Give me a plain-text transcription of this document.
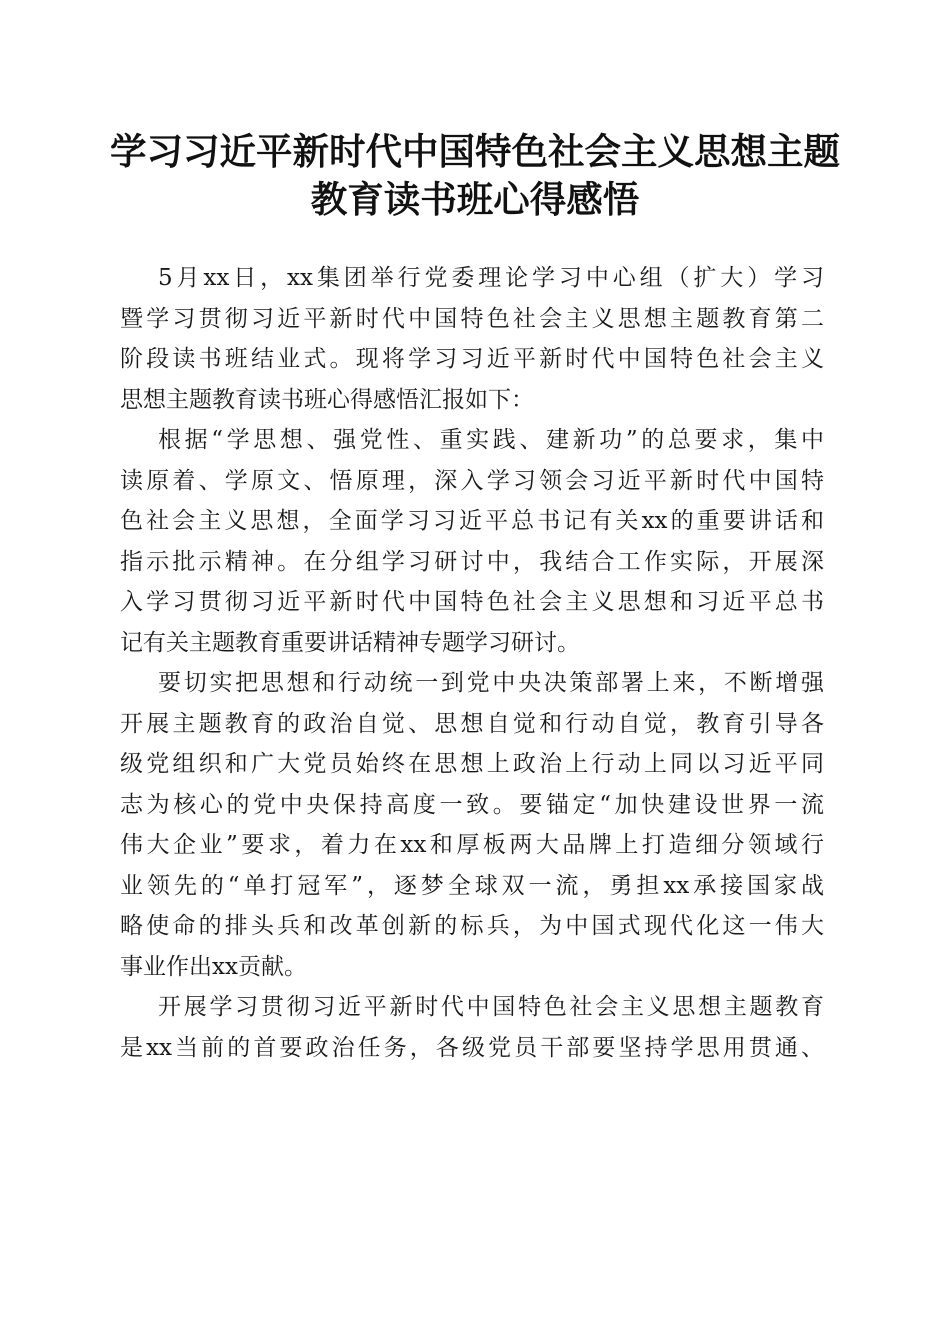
学习习近平新时代中国特色社会主义思想主题
教育读书班心得感悟
5月xx日，xx集团举行党委理论学习中心组（扩大）学习
暨学习贯彻习近平新时代中国特色社会主义思想主题教育第二
阶段读书班结业式。现将学习习近平新时代中国特色社会主义
思想主题教育读书班心得感悟汇报如下：
根据“学思想、强党性、重实践、建新功”的总要求，集中
读原着、学原文、悟原理，深入学习领会习近平新时代中国特
色社会主义思想，全面学习习近平总书记有关xx的重要讲话和
指示批示精神。在分组学习研讨中，我结合工作实际，开展深
入学习贯彻习近平新时代中国特色社会主义思想和习近平总书
记有关主题教育重要讲话精神专题学习研讨。
要切实把思想和行动统一到党中央决策部署上来，不断增强
开展主题教育的政治自觉、思想自觉和行动自觉，教育引导各
级党组织和广大党员始终在思想上政治上行动上同以习近平同
志为核心的党中央保持高度一致。要锚定“加快建设世界一流
伟大企业”要求，着力在xx和厚板两大品牌上打造细分领域行
业领先的“单打冠军”，逐梦全球双一流，勇担xx承接国家战
略使命的排头兵和改革创新的标兵，为中国式现代化这一伟大
事业作出xx贡献。
开展学习贯彻习近平新时代中国特色社会主义思想主题教育
是xx当前的首要政治任务，各级党员干部要坚持学思用贯通、
